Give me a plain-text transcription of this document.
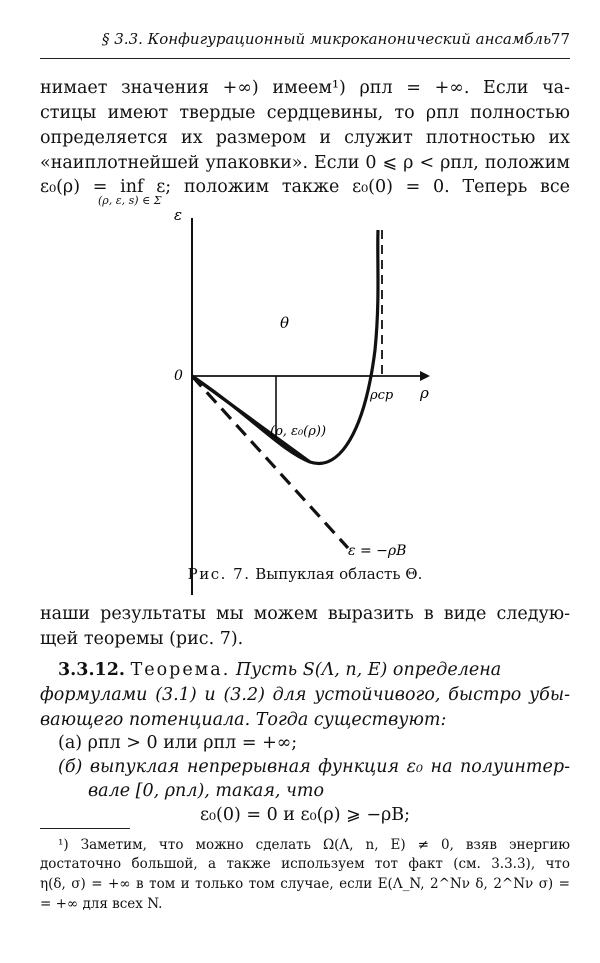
§ 3.3. Конфигурационный микроканонический ансамбль 77
нимает значения +∞) имеем¹) ρпл = +∞. Если ча-
стицы имеют твердые сердцевины, то ρпл полностью
определяется их размером и служит плотностью их
«наиплотнейшей упаковки». Если 0 ⩽ ρ < ρпл, положим
ε₀(ρ) = inf ε; положим также ε₀(0) = 0. Теперь все
(ρ, ε, s) ∈ Σ
ε
0
θ
ρcp ρ
(ρ, ε₀(ρ))
ε = −ρB
Рис. 7. Выпуклая область Θ.
наши результаты мы можем выразить в виде следую-
щей теоремы (рис. 7).
3.3.12. Теорема. Пусть S(Λ, n, E) определена
формулами (3.1) и (3.2) для устойчивого, быстро убы-
вающего потенциала. Тогда существуют:
(а) ρпл > 0 или ρпл = +∞;
(б) выпуклая непрерывная функция ε₀ на полуинтер-
вале [0, ρпл), такая, что
ε₀(0) = 0 и ε₀(ρ) ⩾ −ρB;
¹) Заметим, что можно сделать Ω(Λ, n, E) ≠ 0, взяв энергию
достаточно большой, а также используем тот факт (см. 3.3.3), что
η(δ, σ) = +∞ в том и только том случае, если E(Λ_N, 2^Nν δ, 2^Nν σ) =
= +∞ для всех N.
